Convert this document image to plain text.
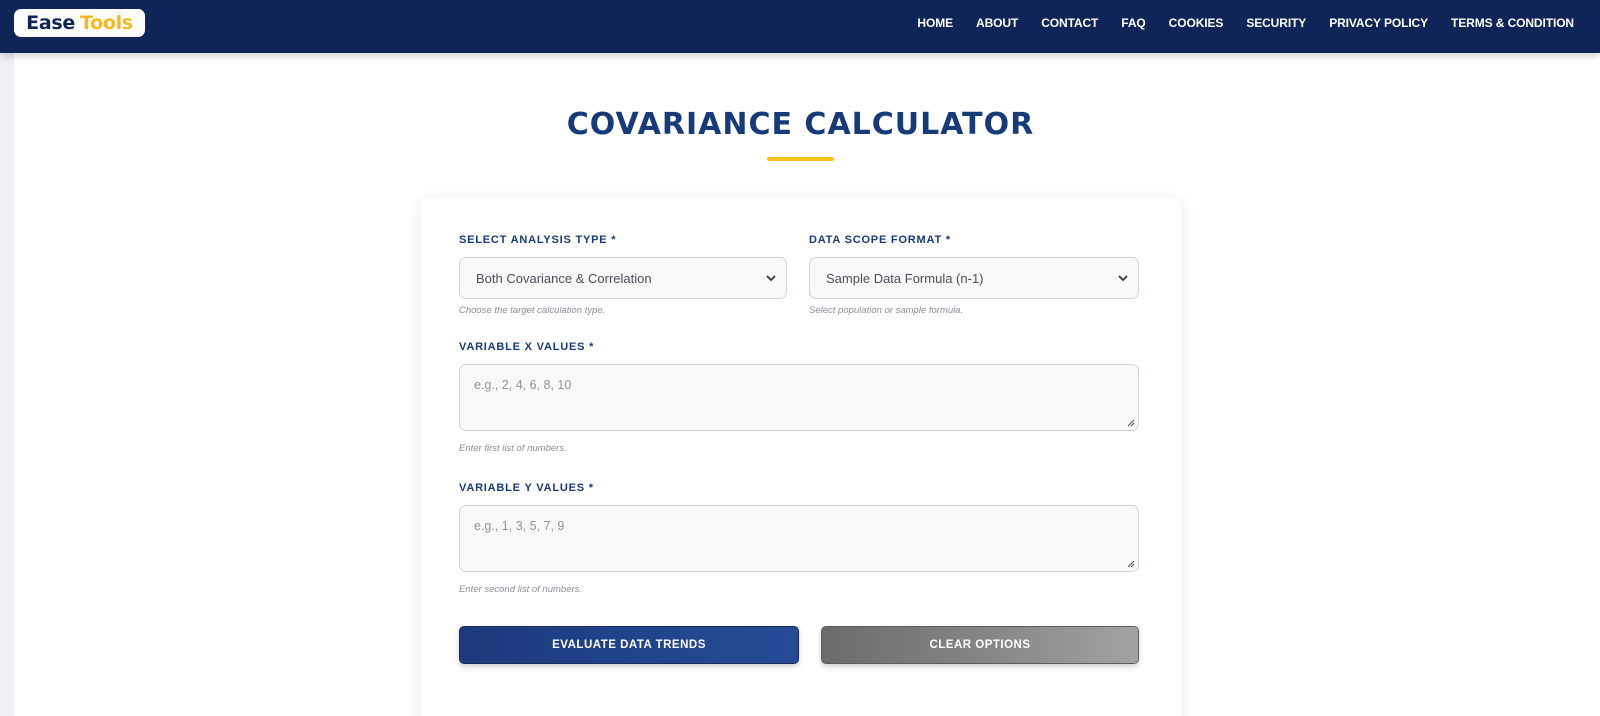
Ease Tools	HOME ABOUT CONTACT FAQ COOKIES SECURITY PRIVACY POLICY TERMS & CONDITION
COVARIANCE CALCULATOR
SELECT ANALYSIS TYPE *
Both Covariance & Correlation
Choose the target calculation type.
DATA SCOPE FORMAT *
Sample Data Formula (n-1)
Select population or sample formula.
VARIABLE X VALUES *
e.g., 2, 4, 6, 8, 10
Enter first list of numbers.
VARIABLE Y VALUES *
e.g., 1, 3, 5, 7, 9
Enter second list of numbers.
EVALUATE DATA TRENDS	CLEAR OPTIONS
